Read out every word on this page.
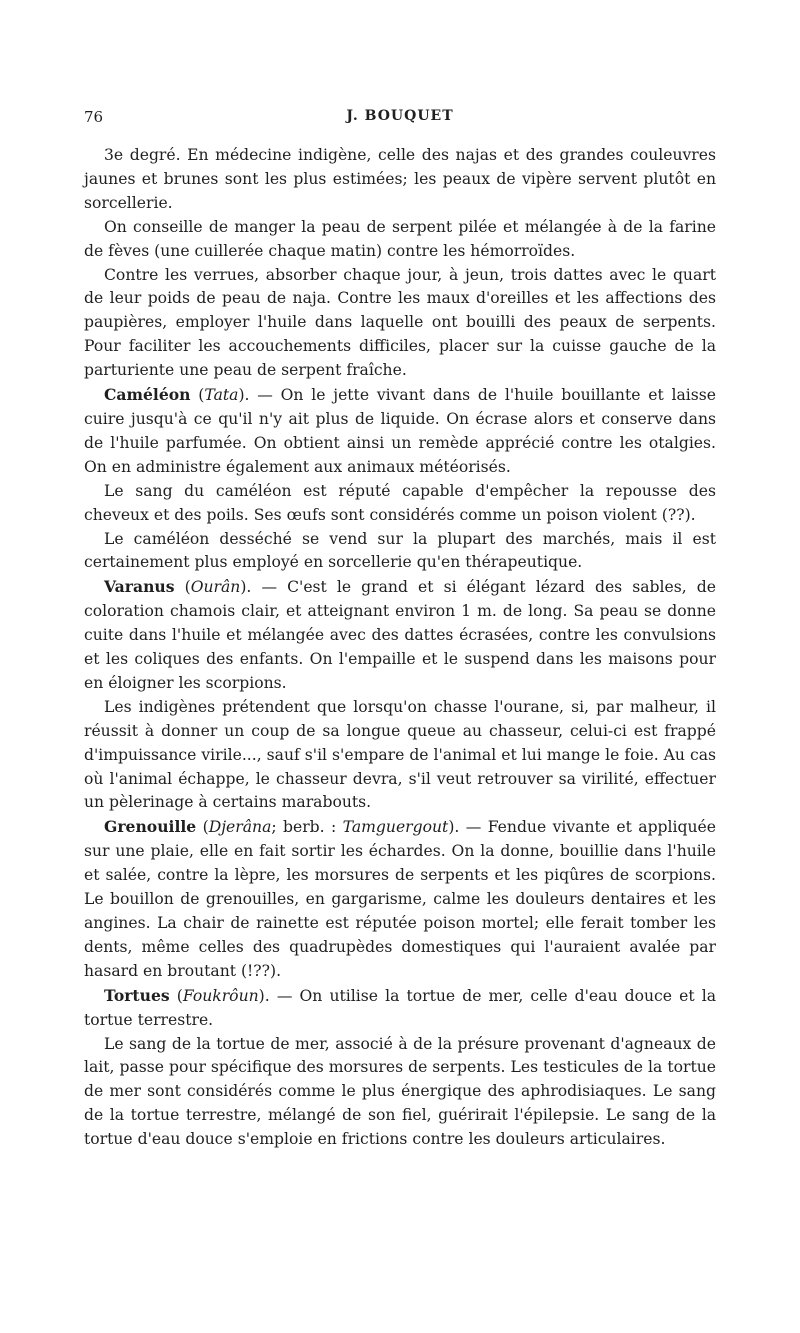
76	J. BOUQUET

3e degré. En médecine indigène, celle des najas et des grandes couleuvres jaunes et brunes sont les plus estimées; les peaux de vipère servent plutôt en sorcellerie.

On conseille de manger la peau de serpent pilée et mélangée à de la farine de fèves (une cuillerée chaque matin) contre les hémorroïdes.

Contre les verrues, absorber chaque jour, à jeun, trois dattes avec le quart de leur poids de peau de naja. Contre les maux d'oreilles et les affections des paupières, employer l'huile dans laquelle ont bouilli des peaux de serpents. Pour faciliter les accouchements difficiles, placer sur la cuisse gauche de la parturiente une peau de serpent fraîche.

Caméléon (Tata). — On le jette vivant dans de l'huile bouillante et laisse cuire jusqu'à ce qu'il n'y ait plus de liquide. On écrase alors et conserve dans de l'huile parfumée. On obtient ainsi un remède apprécié contre les otalgies. On en administre également aux animaux météorisés.

Le sang du caméléon est réputé capable d'empêcher la repousse des cheveux et des poils. Ses œufs sont considérés comme un poison violent (??).

Le caméléon desséché se vend sur la plupart des marchés, mais il est certainement plus employé en sorcellerie qu'en thérapeutique.

Varanus (Ourân). — C'est le grand et si élégant lézard des sables, de coloration chamois clair, et atteignant environ 1 m. de long. Sa peau se donne cuite dans l'huile et mélangée avec des dattes écrasées, contre les convulsions et les coliques des enfants. On l'empaille et le suspend dans les maisons pour en éloigner les scorpions.

Les indigènes prétendent que lorsqu'on chasse l'ourane, si, par malheur, il réussit à donner un coup de sa longue queue au chasseur, celui-ci est frappé d'impuissance virile..., sauf s'il s'empare de l'animal et lui mange le foie. Au cas où l'animal échappe, le chasseur devra, s'il veut retrouver sa virilité, effectuer un pèlerinage à certains marabouts.

Grenouille (Djerâna; berb. : Tamguergout). — Fendue vivante et appliquée sur une plaie, elle en fait sortir les échardes. On la donne, bouillie dans l'huile et salée, contre la lèpre, les morsures de serpents et les piqûres de scorpions. Le bouillon de grenouilles, en gargarisme, calme les douleurs dentaires et les angines. La chair de rainette est réputée poison mortel; elle ferait tomber les dents, même celles des quadrupèdes domestiques qui l'auraient avalée par hasard en broutant (!??).

Tortues (Foukrôun). — On utilise la tortue de mer, celle d'eau douce et la tortue terrestre.

Le sang de la tortue de mer, associé à de la présure provenant d'agneaux de lait, passe pour spécifique des morsures de serpents. Les testicules de la tortue de mer sont considérés comme le plus énergique des aphrodisiaques. Le sang de la tortue terrestre, mélangé de son fiel, guérirait l'épilepsie. Le sang de la tortue d'eau douce s'emploie en frictions contre les douleurs articulaires.
